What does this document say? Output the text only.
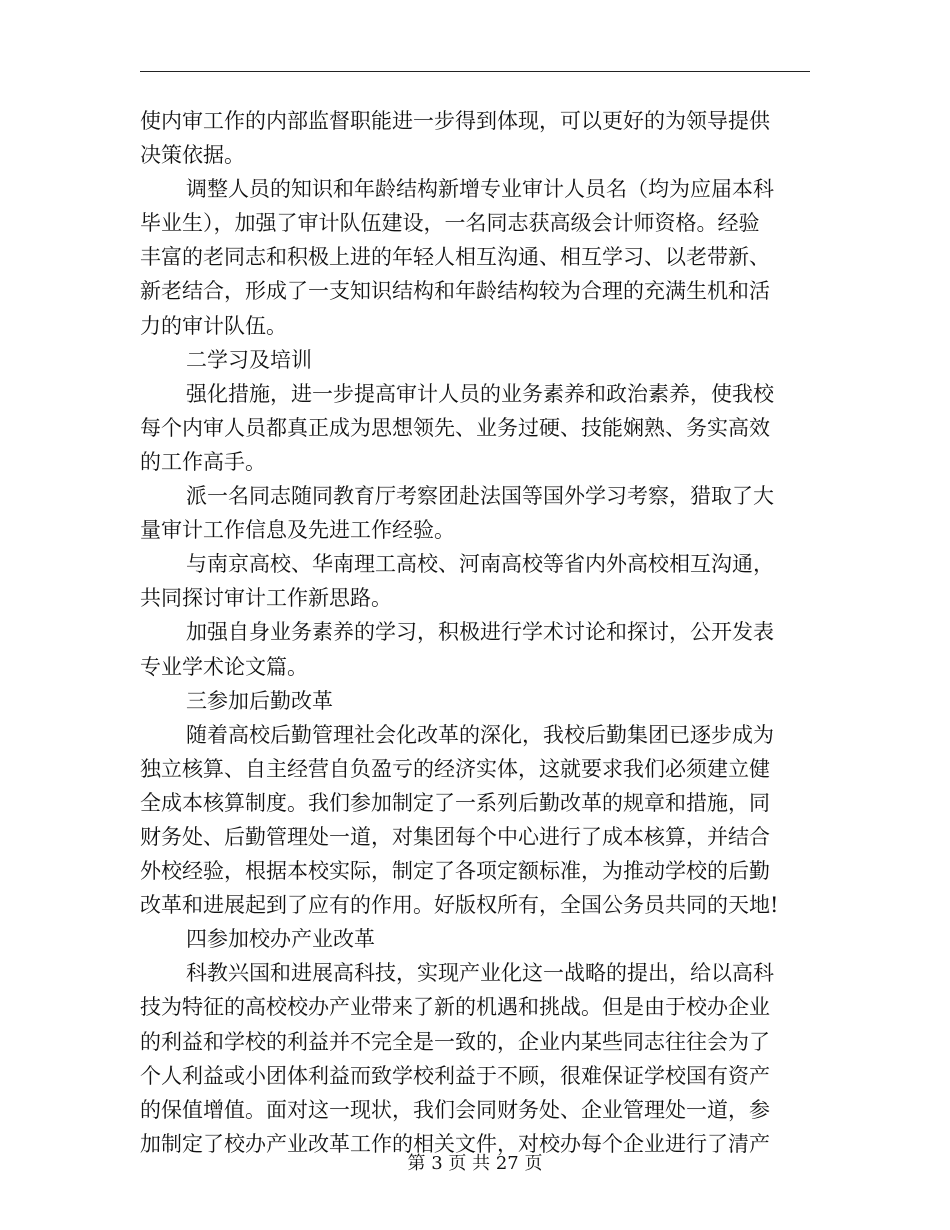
使内审工作的内部监督职能进一步得到体现，可以更好的为领导提供
决策依据。
调整人员的知识和年龄结构新增专业审计人员名（均为应届本科
毕业生），加强了审计队伍建设，一名同志获高级会计师资格。经验
丰富的老同志和积极上进的年轻人相互沟通、相互学习、以老带新、
新老结合，形成了一支知识结构和年龄结构较为合理的充满生机和活
力的审计队伍。
二学习及培训
强化措施，进一步提高审计人员的业务素养和政治素养，使我校
每个内审人员都真正成为思想领先、业务过硬、技能娴熟、务实高效
的工作高手。
派一名同志随同教育厅考察团赴法国等国外学习考察，猎取了大
量审计工作信息及先进工作经验。
与南京高校、华南理工高校、河南高校等省内外高校相互沟通，
共同探讨审计工作新思路。
加强自身业务素养的学习，积极进行学术讨论和探讨，公开发表
专业学术论文篇。
三参加后勤改革
随着高校后勤管理社会化改革的深化，我校后勤集团已逐步成为
独立核算、自主经营自负盈亏的经济实体，这就要求我们必须建立健
全成本核算制度。我们参加制定了一系列后勤改革的规章和措施，同
财务处、后勤管理处一道，对集团每个中心进行了成本核算，并结合
外校经验，根据本校实际，制定了各项定额标准，为推动学校的后勤
改革和进展起到了应有的作用。好版权所有，全国公务员共同的天地!
四参加校办产业改革
科教兴国和进展高科技，实现产业化这一战略的提出，给以高科
技为特征的高校校办产业带来了新的机遇和挑战。但是由于校办企业
的利益和学校的利益并不完全是一致的，企业内某些同志往往会为了
个人利益或小团体利益而致学校利益于不顾，很难保证学校国有资产
的保值增值。面对这一现状，我们会同财务处、企业管理处一道，参
加制定了校办产业改革工作的相关文件，对校办每个企业进行了清产
第 3 页 共 27 页
